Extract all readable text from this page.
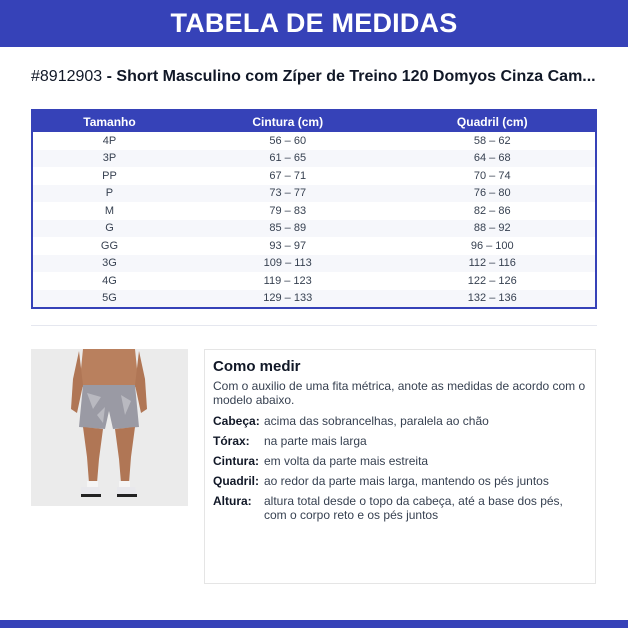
TABELA DE MEDIDAS
#8912903 - Short Masculino com Zíper de Treino 120 Domyos Cinza Cam...
Tamanho	Cintura (cm)	Quadril (cm)
4P	56 – 60	58 – 62
3P	61 – 65	64 – 68
PP	67 – 71	70 – 74
P	73 – 77	76 – 80
M	79 – 83	82 – 86
G	85 – 89	88 – 92
GG	93 – 97	96 – 100
3G	109 – 113	112 – 116
4G	119 – 123	122 – 126
5G	129 – 133	132 – 136
Como medir

Com o auxilio de uma fita métrica, anote as medidas de acordo com o modelo abaixo.

Cabeça: acima das sobrancelhas, paralela ao chão
Tórax:	na parte mais larga
Cintura: em volta da parte mais estreita
Quadril: ao redor da parte mais larga, mantendo os pés juntos
Altura:	altura total desde o topo da cabeça, até a base dos pés, com o corpo reto e os pés juntos
